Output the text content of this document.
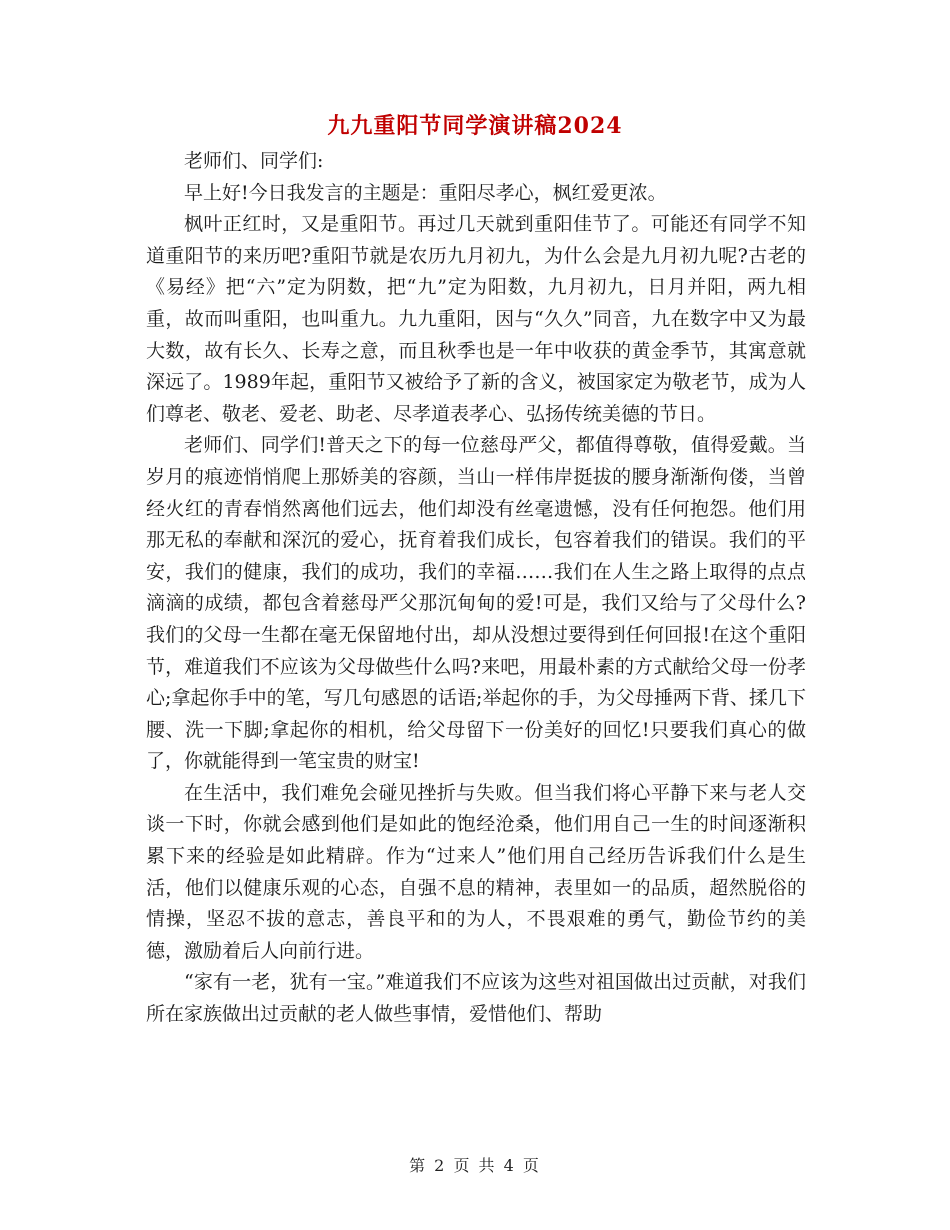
九九重阳节同学演讲稿2024

老师们、同学们:

早上好!今日我发言的主题是：重阳尽孝心，枫红爱更浓。

枫叶正红时，又是重阳节。再过几天就到重阳佳节了。可能还有同学不知道重阳节的来历吧?重阳节就是农历九月初九，为什么会是九月初九呢?古老的《易经》把“六”定为阴数，把“九”定为阳数，九月初九，日月并阳，两九相重，故而叫重阳，也叫重九。九九重阳，因与“久久”同音，九在数字中又为最大数，故有长久、长寿之意，而且秋季也是一年中收获的黄金季节，其寓意就深远了。1989年起，重阳节又被给予了新的含义，被国家定为敬老节，成为人们尊老、敬老、爱老、助老、尽孝道表孝心、弘扬传统美德的节日。

老师们、同学们!普天之下的每一位慈母严父，都值得尊敬，值得爱戴。当岁月的痕迹悄悄爬上那娇美的容颜，当山一样伟岸挺拔的腰身渐渐佝偻，当曾经火红的青春悄然离他们远去，他们却没有丝毫遗憾，没有任何抱怨。他们用那无私的奉献和深沉的爱心，抚育着我们成长，包容着我们的错误。我们的平安，我们的健康，我们的成功，我们的幸福……我们在人生之路上取得的点点滴滴的成绩，都包含着慈母严父那沉甸甸的爱!可是，我们又给与了父母什么?我们的父母一生都在毫无保留地付出，却从没想过要得到任何回报!在这个重阳节，难道我们不应该为父母做些什么吗?来吧，用最朴素的方式献给父母一份孝心;拿起你手中的笔，写几句感恩的话语;举起你的手，为父母捶两下背、揉几下腰、洗一下脚;拿起你的相机，给父母留下一份美好的回忆!只要我们真心的做了，你就能得到一笔宝贵的财宝!

在生活中，我们难免会碰见挫折与失败。但当我们将心平静下来与老人交谈一下时，你就会感到他们是如此的饱经沧桑，他们用自己一生的时间逐渐积累下来的经验是如此精辟。作为“过来人”他们用自己经历告诉我们什么是生活，他们以健康乐观的心态，自强不息的精神，表里如一的品质，超然脱俗的情操，坚忍不拔的意志，善良平和的为人，不畏艰难的勇气，勤俭节约的美德，激励着后人向前行进。

“家有一老，犹有一宝。”难道我们不应该为这些对祖国做出过贡献，对我们所在家族做出过贡献的老人做些事情，爱惜他们、帮助

第 2 页 共 4 页
